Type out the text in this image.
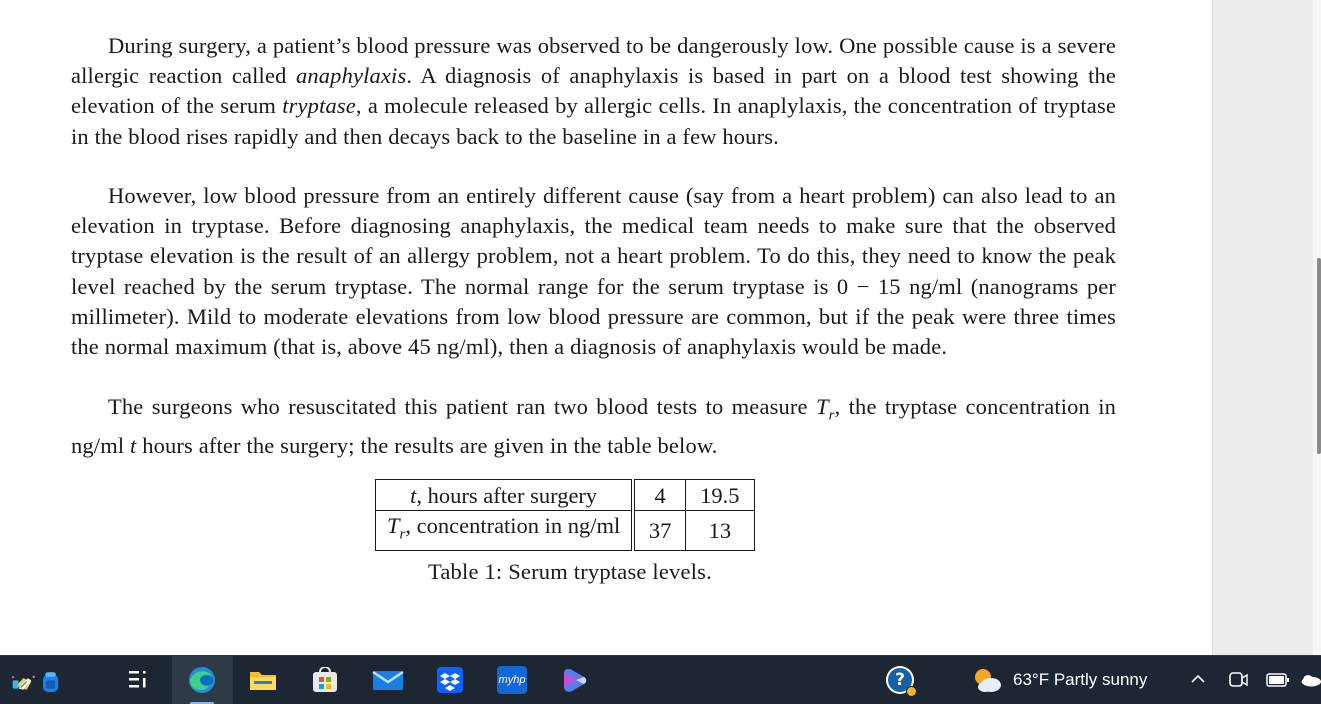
During surgery, a patient’s blood pressure was observed to be dangerously low. One possible cause is a severe allergic reaction called anaphylaxis. A diagnosis of anaphylaxis is based in part on a blood test showing the elevation of the serum tryptase, a molecule released by allergic cells. In anaplylaxis, the concentration of tryptase in the blood rises rapidly and then decays back to the baseline in a few hours.

However, low blood pressure from an entirely different cause (say from a heart problem) can also lead to an elevation in tryptase. Before diagnosing anaphylaxis, the medical team needs to make sure that the observed tryptase elevation is the result of an allergy problem, not a heart problem. To do this, they need to know the peak level reached by the serum tryptase. The normal range for the serum tryptase is 0 − 15 ng/ml (nanograms per millimeter). Mild to moderate elevations from low blood pressure are common, but if the peak were three times the normal maximum (that is, above 45 ng/ml), then a diagnosis of anaphylaxis would be made.

The surgeons who resuscitated this patient ran two blood tests to measure $T_r$, the tryptase concentration in ng/ml t hours after the surgery; the results are given in the table below.

t, hours after surgery	4	19.5
$T_r$, concentration in ng/ml	37	13
Table 1: Serum tryptase levels.
myhp	?	63°F Partly sunny
